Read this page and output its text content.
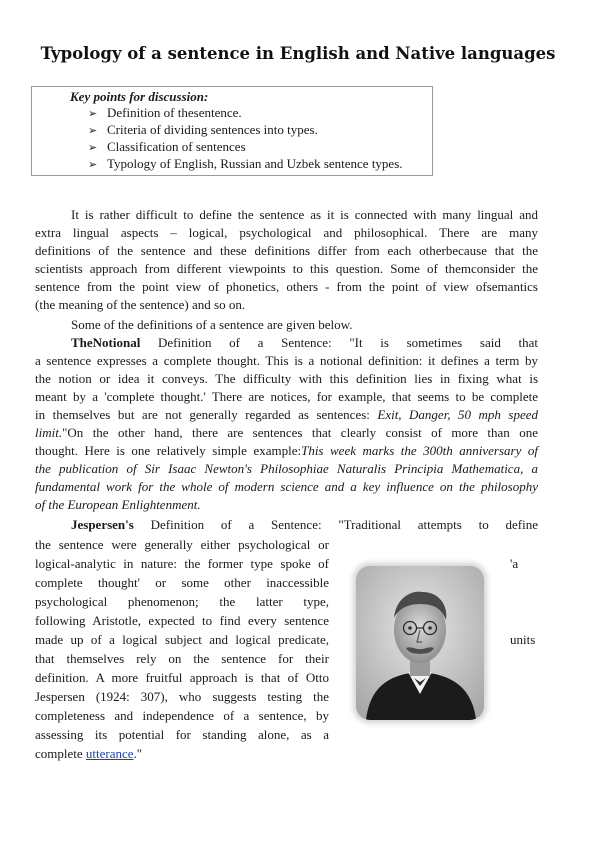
Typology of a sentence in English and Native languages
Key points for discussion:
➢ Definition of thesentence.
➢ Criteria of dividing sentences into types.
➢ Classification of sentences
➢ Typology of English, Russian and Uzbek sentence types.
It is rather difficult to define the sentence as it is connected with many lingual and
extra lingual aspects – logical, psychological and philosophical. There are many
definitions of the sentence and these definitions differ from each otherbecause that the
scientists approach from different viewpoints to this question. Some of themconsider the
sentence from the point view of phonetics, others - from the point of view ofsemantics
(the meaning of the sentence) and so on.
Some of the definitions of a sentence are given below.
TheNotional Definition of a Sentence: "It is sometimes said that
a sentence expresses a complete thought. This is a notional definition: it defines a term by
the notion or idea it conveys. The difficulty with this definition lies in fixing what is
meant by a 'complete thought.' There are notices, for example, that seems to be complete
in themselves but are not generally regarded as sentences: Exit, Danger, 50 mph speed
limit."On the other hand, there are sentences that clearly consist of more than one
thought. Here is one relatively simple example:This week marks the 300th anniversary of
the publication of Sir Isaac Newton's Philosophiae Naturalis Principia Mathematica, a
fundamental work for the whole of modern science and a key influence on the philosophy
of the European Enlightenment.
Jespersen's Definition of a Sentence: "Traditional attempts to define
the sentence were generally either psychological or
logical-analytic in nature: the former type spoke of
complete thought' or some other inaccessible
psychological phenomenon; the latter type,
following Aristotle, expected to find every sentence
made up of a logical subject and logical predicate,
that themselves rely on the sentence for their
definition. A more fruitful approach is that of Otto
Jespersen (1924: 307), who suggests testing the
completeness and independence of a sentence, by
assessing its potential for standing alone, as a
complete utterance."
'a
units
